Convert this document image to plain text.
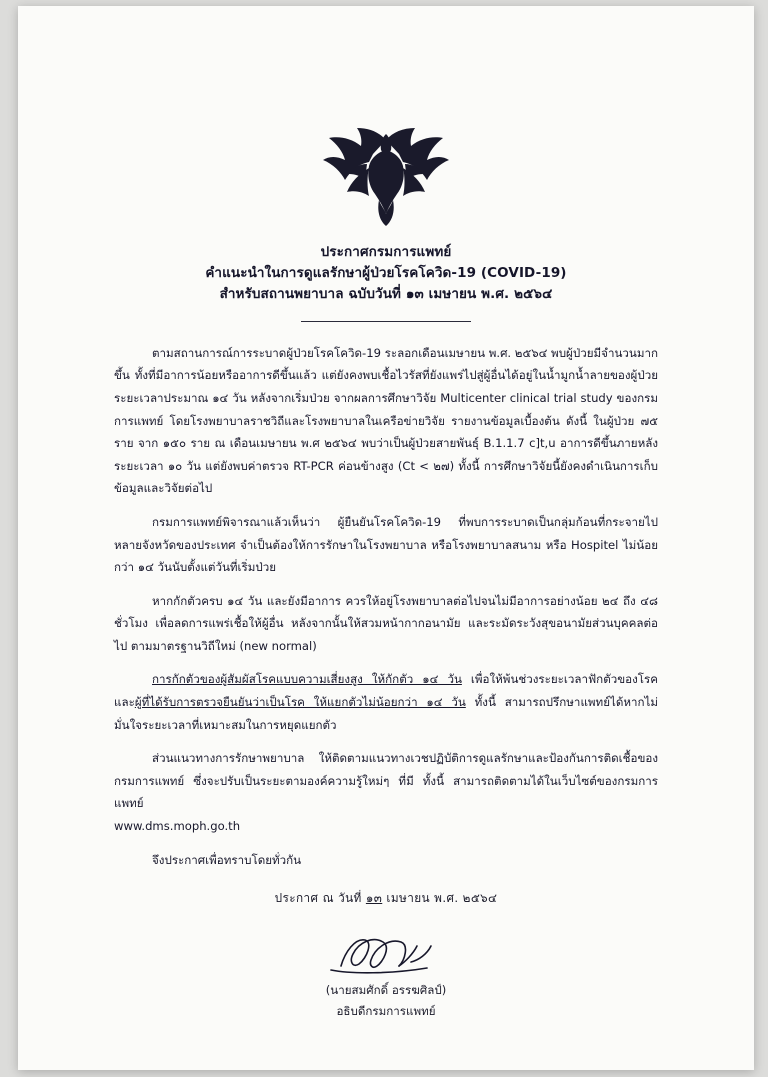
ประกาศกรมการแพทย์
คำแนะนำในการดูแลรักษาผู้ป่วยโรคโควิด-19 (COVID-19)
สำหรับสถานพยาบาล ฉบับวันที่ ๑๓ เมษายน พ.ศ. ๒๕๖๔

ตามสถานการณ์การระบาดผู้ป่วยโรคโควิด-19 ระลอกเดือนเมษายน พ.ศ. ๒๕๖๔ พบผู้ป่วยมีจำนวนมากขึ้น ทั้งที่มีอาการน้อยหรืออาการดีขึ้นแล้ว แต่ยังคงพบเชื้อไวรัสที่ยังแพร่ไปสู่ผู้อื่นได้อยู่ในน้ำมูกน้ำลายของผู้ป่วย ระยะเวลาประมาณ ๑๔ วัน หลังจากเริ่มป่วย จากผลการศึกษาวิจัย Multicenter clinical trial study ของกรมการแพทย์ โดยโรงพยาบาลราชวิถีและโรงพยาบาลในเครือข่ายวิจัย รายงานข้อมูลเบื้องต้น ดังนี้ ในผู้ป่วย ๗๕ ราย จาก ๑๕๐ ราย ณ เดือนเมษายน พ.ศ ๒๕๖๔ พบว่าเป็นผู้ป่วยสายพันธุ์ B.1.1.7 c]t,u อาการดีขึ้นภายหลังระยะเวลา ๑๐ วัน แต่ยังพบค่าตรวจ RT-PCR ค่อนข้างสูง (Ct < ๒๗) ทั้งนี้ การศึกษาวิจัยนี้ยังคงดำเนินการเก็บข้อมูลและวิจัยต่อไป

กรมการแพทย์พิจารณาแล้วเห็นว่า ผู้ยืนยันโรคโควิด-19 ที่พบการระบาดเป็นกลุ่มก้อนที่กระจายไปหลายจังหวัดของประเทศ จำเป็นต้องให้การรักษาในโรงพยาบาล หรือโรงพยาบาลสนาม หรือ Hospitel ไม่น้อยกว่า ๑๔ วันนับตั้งแต่วันที่เริ่มป่วย

หากกักตัวครบ ๑๔ วัน และยังมีอาการ ควรให้อยู่โรงพยาบาลต่อไปจนไม่มีอาการอย่างน้อย ๒๔ ถึง ๔๘ ชั่วโมง เพื่อลดการแพร่เชื้อให้ผู้อื่น หลังจากนั้นให้สวมหน้ากากอนามัย และระมัดระวังสุขอนามัยส่วนบุคคลต่อไป ตามมาตรฐานวิถีใหม่ (new normal)

การกักตัวของผู้สัมผัสโรคแบบความเสี่ยงสูง ให้กักตัว ๑๔ วัน เพื่อให้พ้นช่วงระยะเวลาฟักตัวของโรค และผู้ที่ได้รับการตรวจยืนยันว่าเป็นโรค ให้แยกตัวไม่น้อยกว่า ๑๔ วัน ทั้งนี้ สามารถปรึกษาแพทย์ได้หากไม่มั่นใจระยะเวลาที่เหมาะสมในการหยุดแยกตัว

ส่วนแนวทางการรักษาพยาบาล ให้ติดตามแนวทางเวชปฏิบัติการดูแลรักษาและป้องกันการติดเชื้อของกรมการแพทย์ ซึ่งจะปรับเป็นระยะตามองค์ความรู้ใหม่ๆ ที่มี ทั้งนี้ สามารถติดตามได้ในเว็บไซต์ของกรมการแพทย์
www.dms.moph.go.th

จึงประกาศเพื่อทราบโดยทั่วกัน

ประกาศ ณ วันที่ ๑๓ เมษายน พ.ศ. ๒๕๖๔
(นายสมศักดิ์ อรรฆศิลป์)
อธิบดีกรมการแพทย์
